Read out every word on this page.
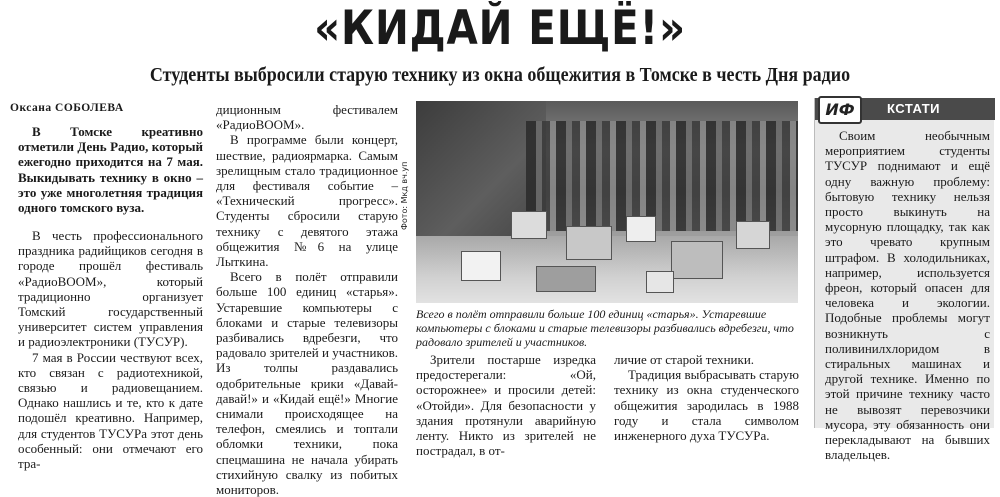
«КИДАЙ ЕЩЁ!»
Студенты выбросили старую технику из окна общежития в Томске в честь Дня радио
Оксана СОБОЛЕВА

В Томске креативно отметили День Радио, который ежегодно приходится на 7 мая. Выкидывать технику в окно – это уже многолетняя традиция одного томского вуза.

В честь профессионального праздника радийщиков сегодня в городе прошёл фестиваль «РадиоBOOM», который традиционно организует Томский государственный университет систем управления и радиоэлектроники (ТУСУР).

7 мая в России чествуют всех, кто связан с радиотехникой, связью и радиовещанием. Однако нашлись и те, кто к дате подошёл креативно. Например, для студентов ТУСУРа этот день особенный: они отмечают его тра-

диционным фестивалем «РадиоBOOM».

В программе были концерт, шествие, радиоярмарка. Самым зрелищным стало традиционное для фестиваля событие – «Технический прогресс». Студенты сбросили старую технику с девятого этажа общежития №6 на улице Лыткина.

Всего в полёт отправили больше 100 единиц «старья». Устаревшие компьютеры с блоками и старые телевизоры разбивались вдребезги, что радовало зрителей и участников. Из толпы раздавались одобрительные крики «Давай-давай!» и «Кидай ещё!» Многие снимали происходящее на телефон, смеялись и топтали обломки техники, пока спецмашина не начала убирать стихийную свалку из побитых мониторов.

Фото: Мкд вч.уп
Всего в полёт отправили больше 100 единиц «старья». Устаревшие компьютеры с блоками и старые телевизоры разбивались вдребезги, что радовало зрителей и участников.

Зрители постарше изредка предостерегали: «Ой, осторожнее» и просили детей: «Отойди». Для безопасности у здания протянули аварийную ленту. Никто из зрителей не пострадал, в от-

личие от старой техники.

Традиция выбрасывать старую технику из окна студенческого общежития зародилась в 1988 году и стала символом инженерного духа ТУСУРа.

КСТАТИ

Своим необычным мероприятием студенты ТУСУР поднимают и ещё одну важную проблему: бытовую технику нельзя просто выкинуть на мусорную площадку, так как это чревато крупным штрафом. В холодильниках, например, используется фреон, который опасен для человека и экологии. Подобные проблемы могут возникнуть с поливинилхлоридом в стиральных машинах и другой технике. Именно по этой причине технику часто не вывозят перевозчики мусора, эту обязанность они перекладывают на бывших владельцев.

ИФ
